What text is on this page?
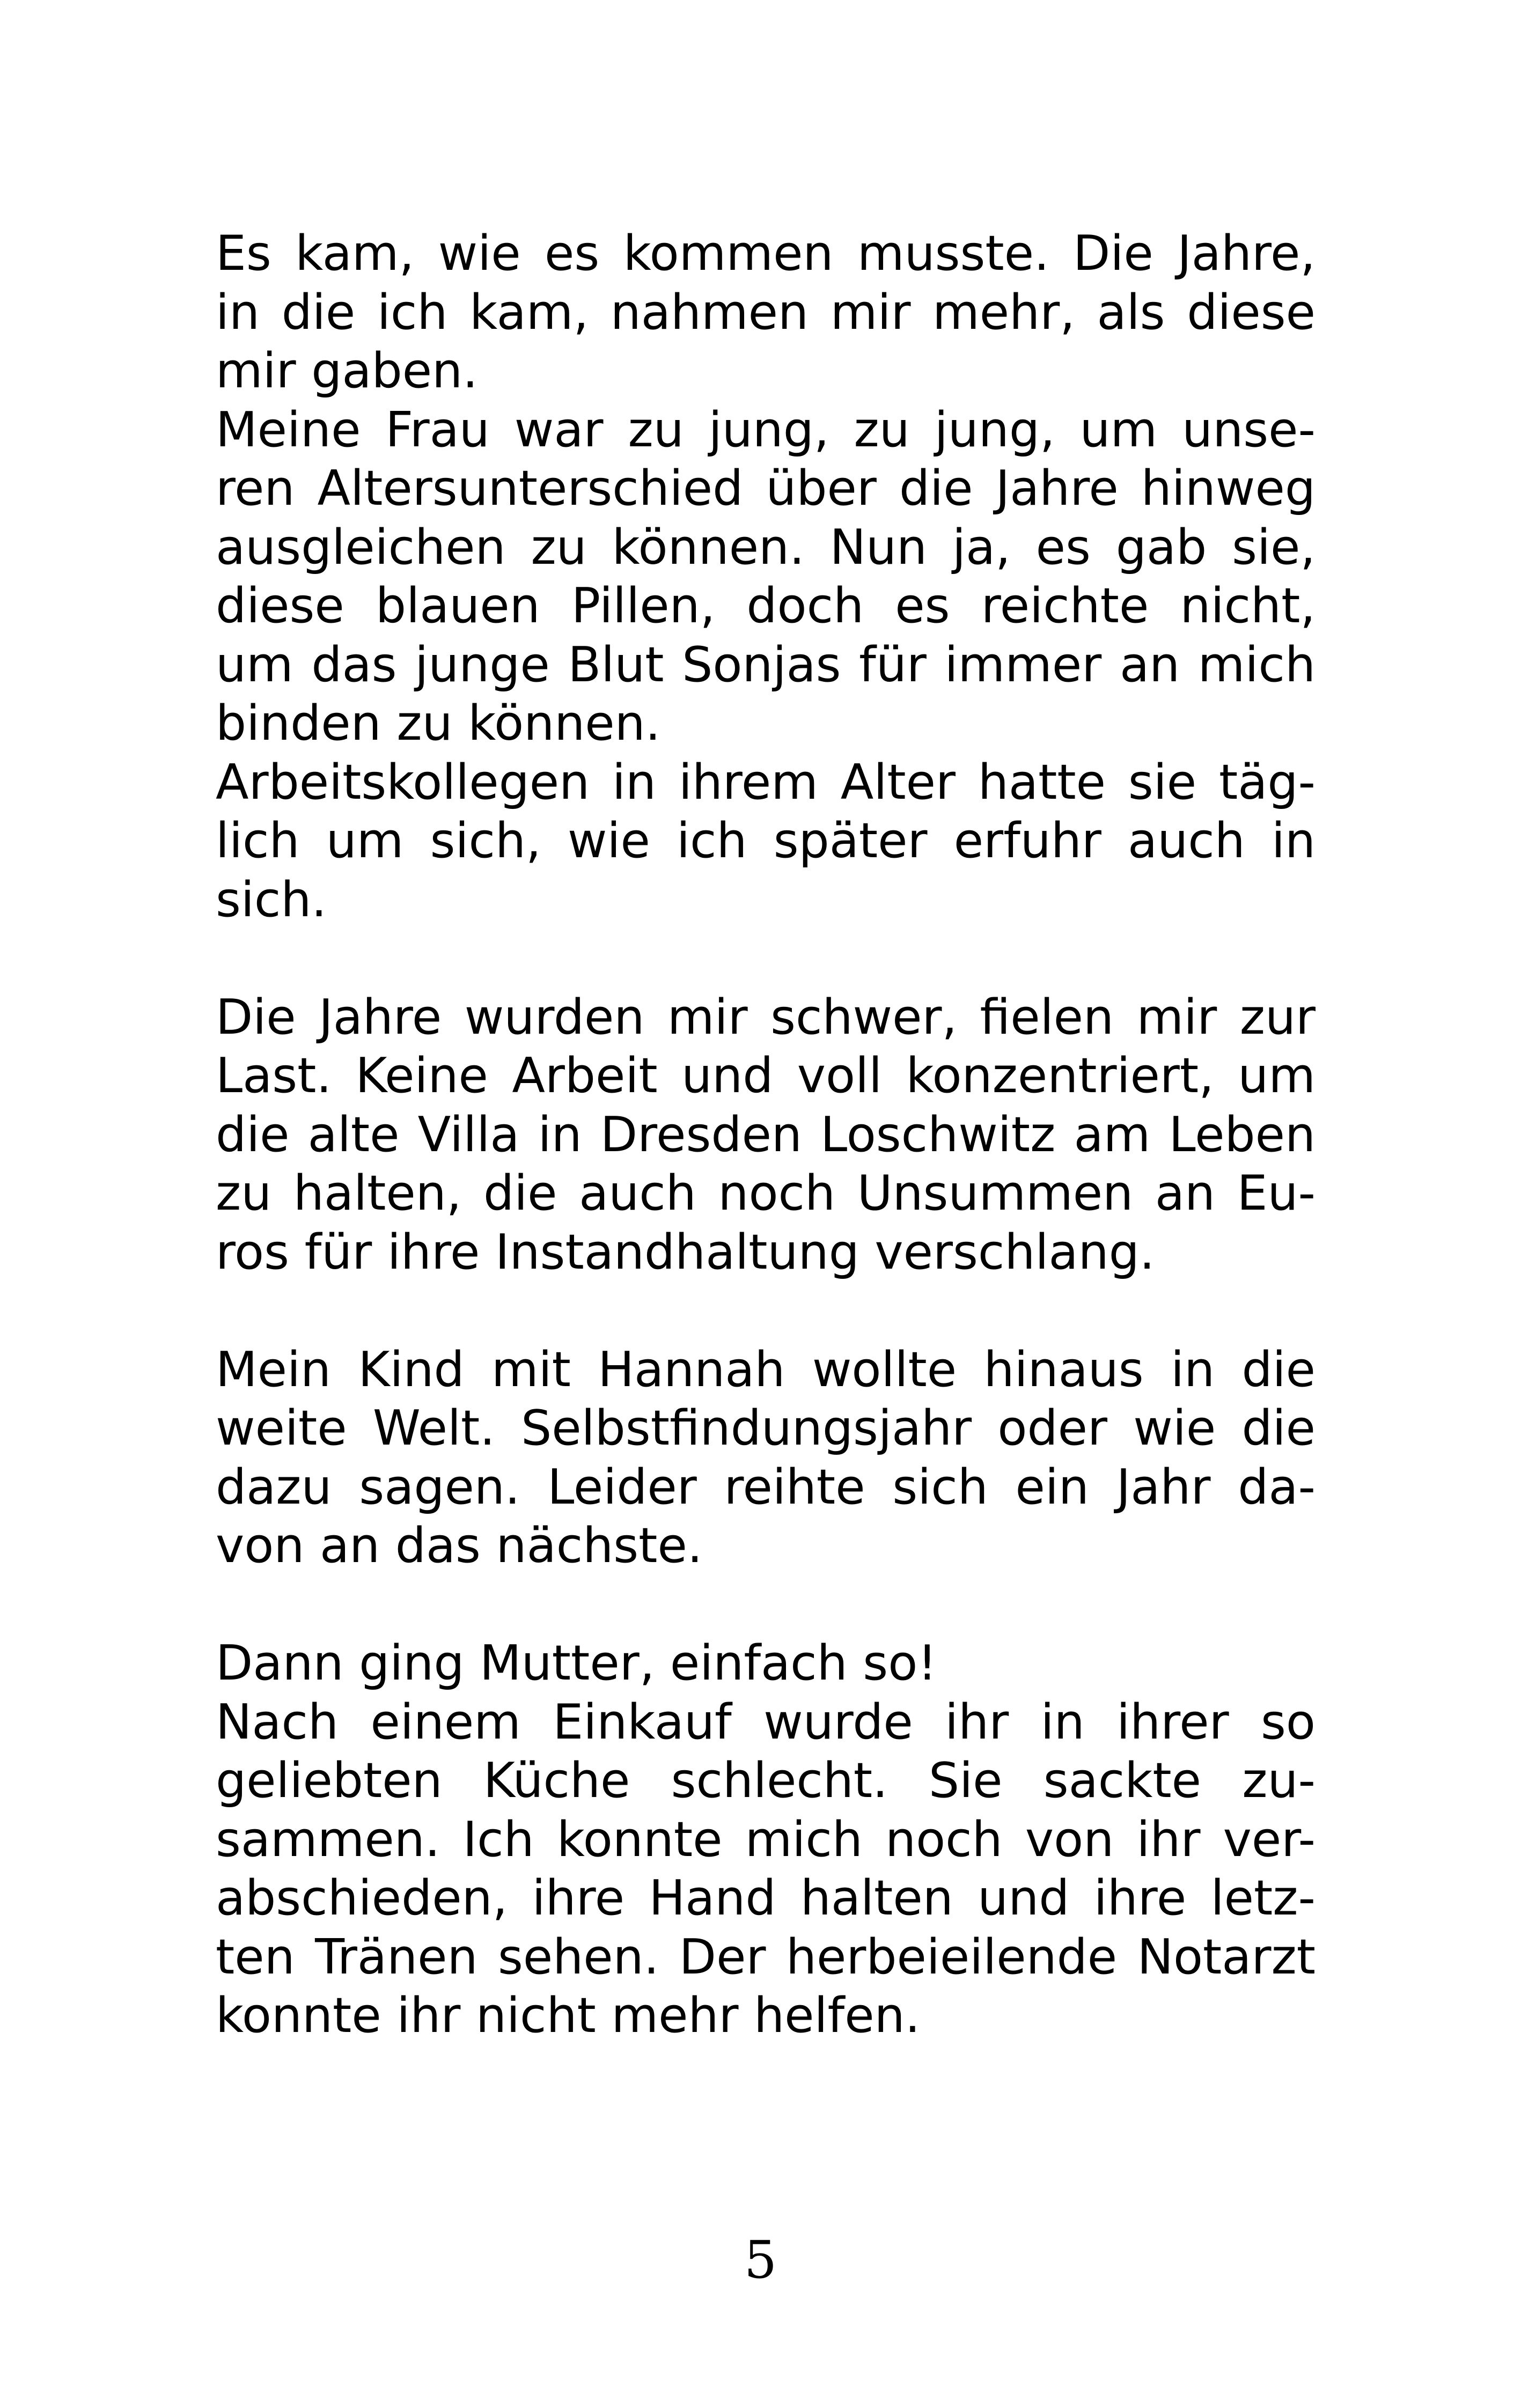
Es kam, wie es kommen musste. Die Jahre,
in die ich kam, nahmen mir mehr, als diese
mir gaben.
Meine Frau war zu jung, zu jung, um unse-
ren Altersunterschied über die Jahre hinweg
ausgleichen zu können. Nun ja, es gab sie,
diese blauen Pillen, doch es reichte nicht,
um das junge Blut Sonjas für immer an mich
binden zu können.
Arbeitskollegen in ihrem Alter hatte sie täg-
lich um sich, wie ich später erfuhr auch in
sich.
Die Jahre wurden mir schwer, fielen mir zur
Last. Keine Arbeit und voll konzentriert, um
die alte Villa in Dresden Loschwitz am Leben
zu halten, die auch noch Unsummen an Eu-
ros für ihre Instandhaltung verschlang.
Mein Kind mit Hannah wollte hinaus in die
weite Welt. Selbstfindungsjahr oder wie die
dazu sagen. Leider reihte sich ein Jahr da-
von an das nächste.
Dann ging Mutter, einfach so!
Nach einem Einkauf wurde ihr in ihrer so
geliebten Küche schlecht. Sie sackte zu-
sammen. Ich konnte mich noch von ihr ver-
abschieden, ihre Hand halten und ihre letz-
ten Tränen sehen. Der herbeieilende Notarzt
konnte ihr nicht mehr helfen.
5
